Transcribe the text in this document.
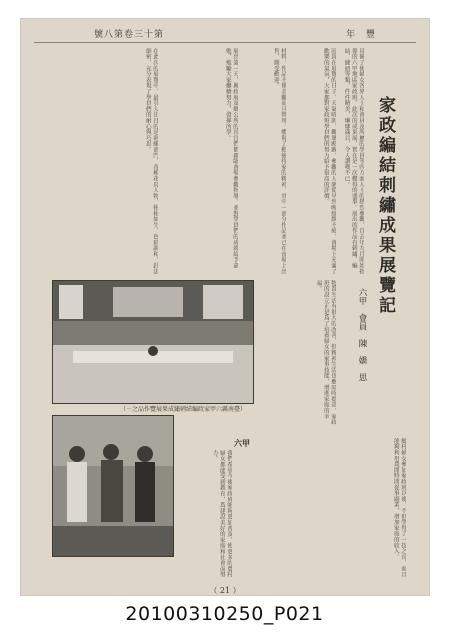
號八第卷三十第	年　豐
家政編結刺繡成果展覽記
六甲　會員　陳　嬌　思
具備了使婦女各界人士和會員及所屬的學員等四方面人士的熱烈參觀，自去年九月開始指導的六甲地區家政班，此次的成果展，實在是一次難得的盛事。展出的作品有刺繡、編結、縫紉等類，件件精美，琳瑯滿目，令人讚嘆不已。
因爲在展覽的日子，天氣晴朗，觀眾踴躍，參觀的人潮從早到晚絡繹不絕，會場上充滿了歡樂的氣氛，大家都對家政班學員們的努力給予很高的評價。
材料，作品不僅美觀而且實用，體現了勤儉持家的精神，其中一部分作品並已在市場上出售，頗受歡迎。
展出第一天，縣政府及鄉公所的長官們都親臨會場參觀指導，並對學員們的成就給予嘉勉，勉勵大家繼續努力，發揮所學。
在此次的展覽中，最引人注目的是刺繡部門，各種花鳥人物，栩栩如生，色彩調和，針法細密，充分表現了學員們的耐心與巧思。
物質生活有很大的改善，但精神生活也應同時提高，家政班的設立正是爲了培養婦女的家事技能，增進家庭的幸福。
鄉村婦女參加家政班以後，不但學得了一技之長，而且能夠利用農閒時間從事副業，增加家庭的收入。
我們希望今後家政班能夠更加普及，使更多的農村婦女都能受到教育，爲建設美好的家庭和社會而努力。
六甲
（ㄧ之品作覽展果成繡刺結編政家甲六縣南臺）
（ 21 ）
20100310250_P021
